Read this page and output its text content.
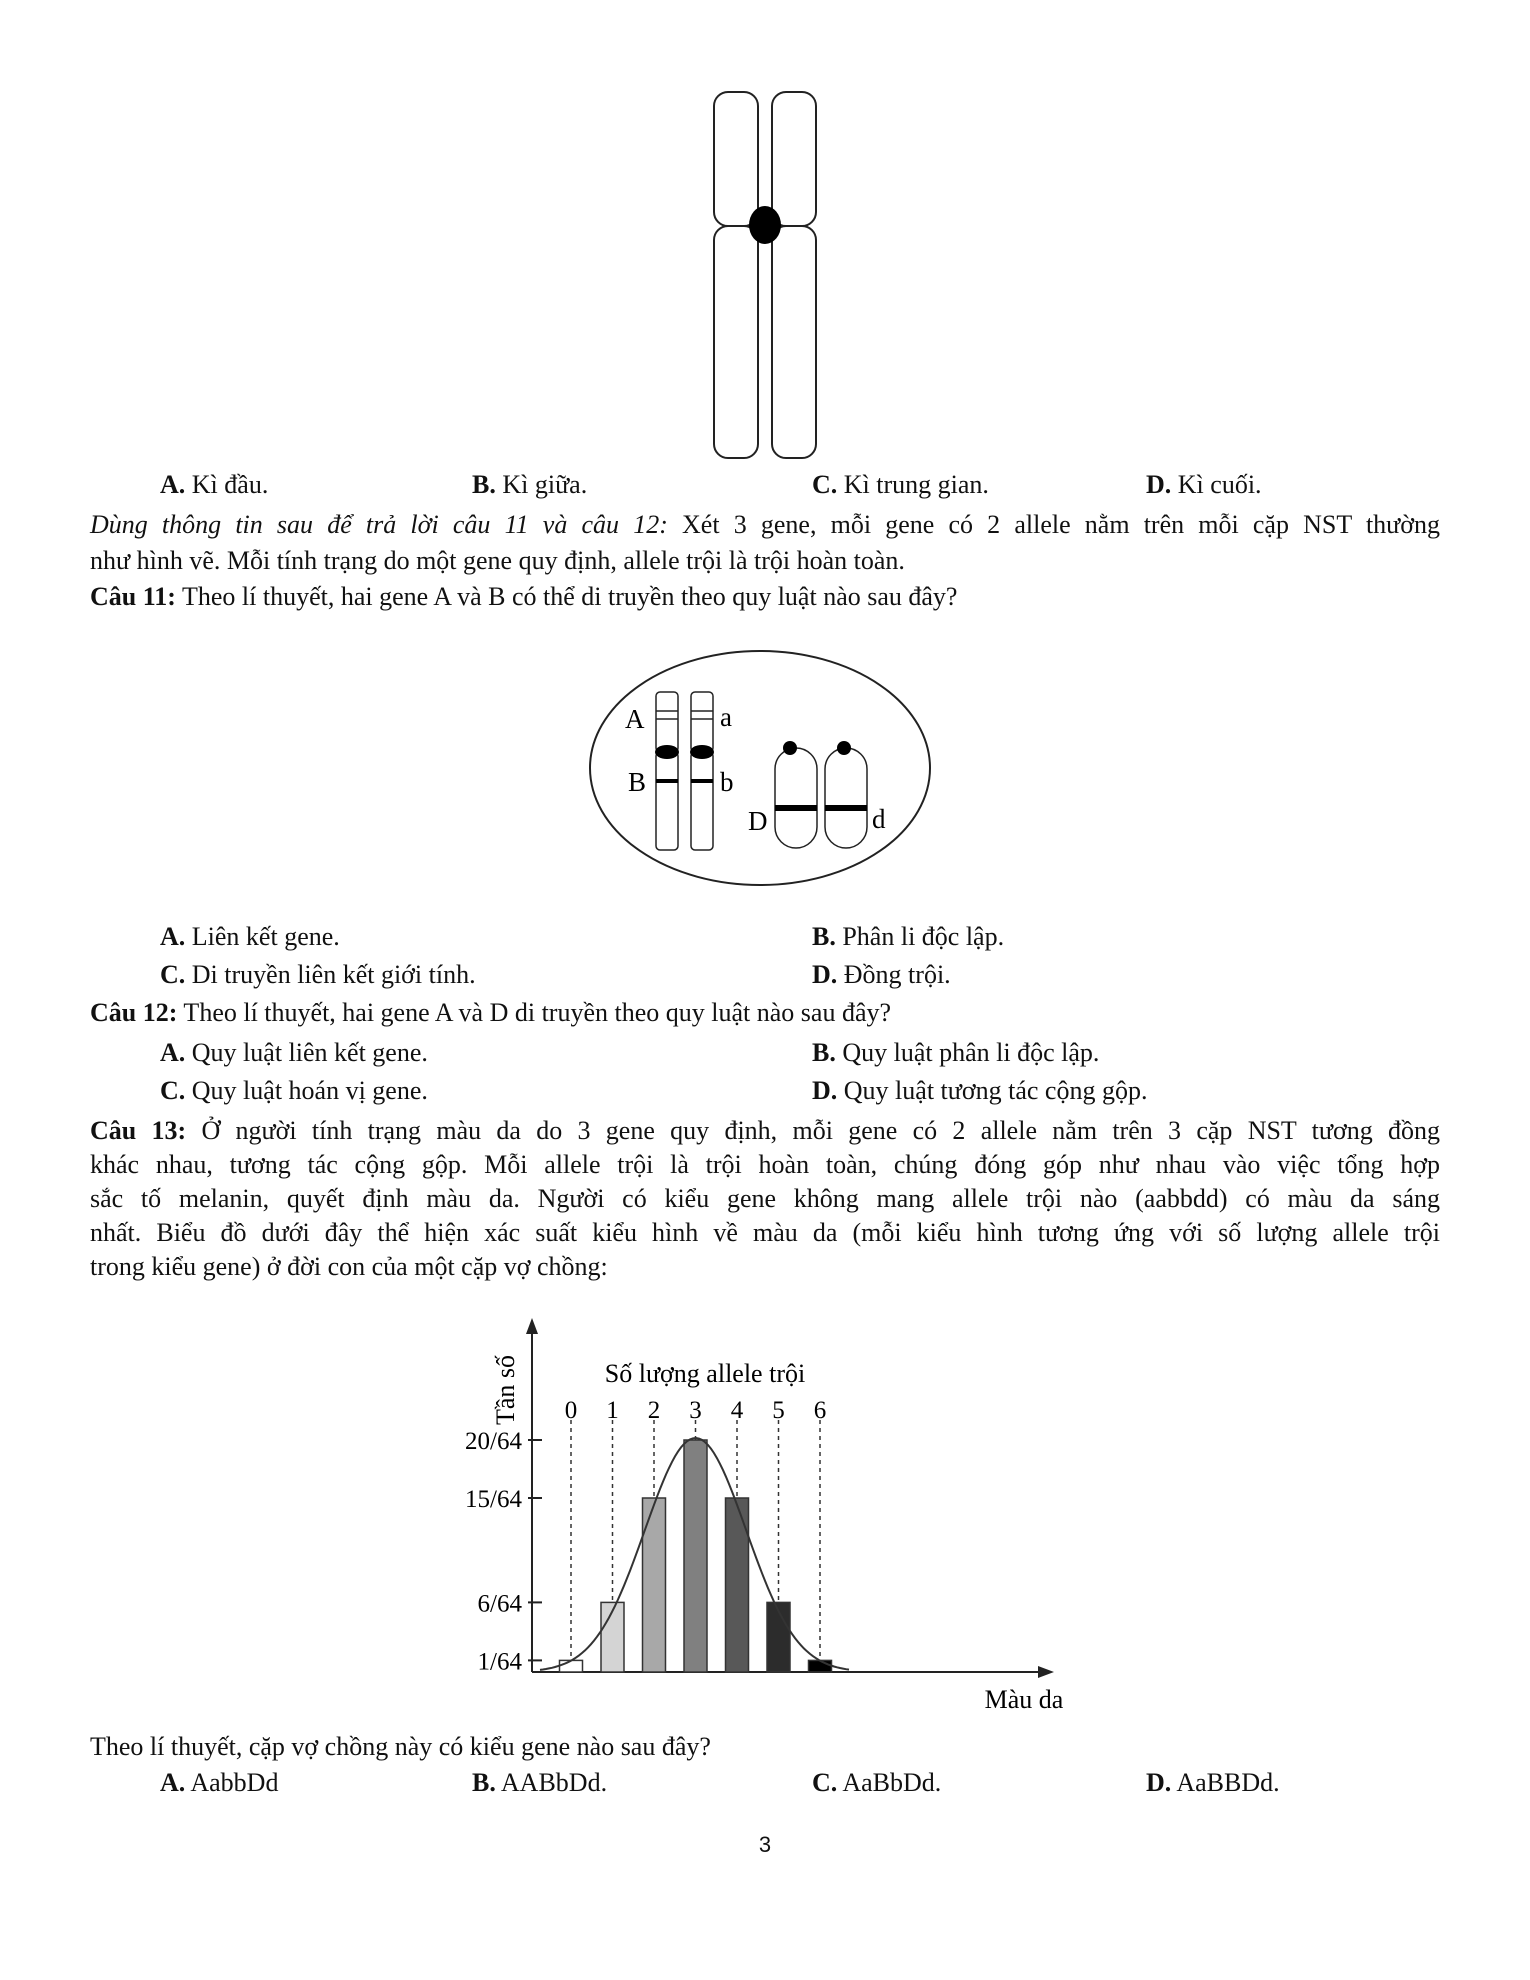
A. Kì đầu.	B. Kì giữa.	C. Kì trung gian.	D. Kì cuối.
Dùng thông tin sau để trả lời câu 11 và câu 12: Xét 3 gene, mỗi gene có 2 allele nằm trên mỗi cặp NST thường
như hình vẽ. Mỗi tính trạng do một gene quy định, allele trội là trội hoàn toàn.
Câu 11: Theo lí thuyết, hai gene A và B có thể di truyền theo quy luật nào sau đây?
A	a
B	b
D	d
A. Liên kết gene.	B. Phân li độc lập.
C. Di truyền liên kết giới tính.	D. Đồng trội.
Câu 12: Theo lí thuyết, hai gene A và D di truyền theo quy luật nào sau đây?
A. Quy luật liên kết gene.	B. Quy luật phân li độc lập.
C. Quy luật hoán vị gene.	D. Quy luật tương tác cộng gộp.
Câu 13: Ở người tính trạng màu da do 3 gene quy định, mỗi gene có 2 allele nằm trên 3 cặp NST tương đồng
khác nhau, tương tác cộng gộp. Mỗi allele trội là trội hoàn toàn, chúng đóng góp như nhau vào việc tổng hợp
sắc tố melanin, quyết định màu da. Người có kiểu gene không mang allele trội nào (aabbdd) có màu da sáng
nhất. Biểu đồ dưới đây thể hiện xác suất kiểu hình về màu da (mỗi kiểu hình tương ứng với số lượng allele trội
trong kiểu gene) ở đời con của một cặp vợ chồng:
Tần số	Số lượng allele trội
Màu da
1/64
6/64
15/64
20/64
0 1 2 3 4 5 6
Theo lí thuyết, cặp vợ chồng này có kiểu gene nào sau đây?
A. AabbDd	B. AABbDd.	C. AaBbDd.	D. AaBBDd.
3
